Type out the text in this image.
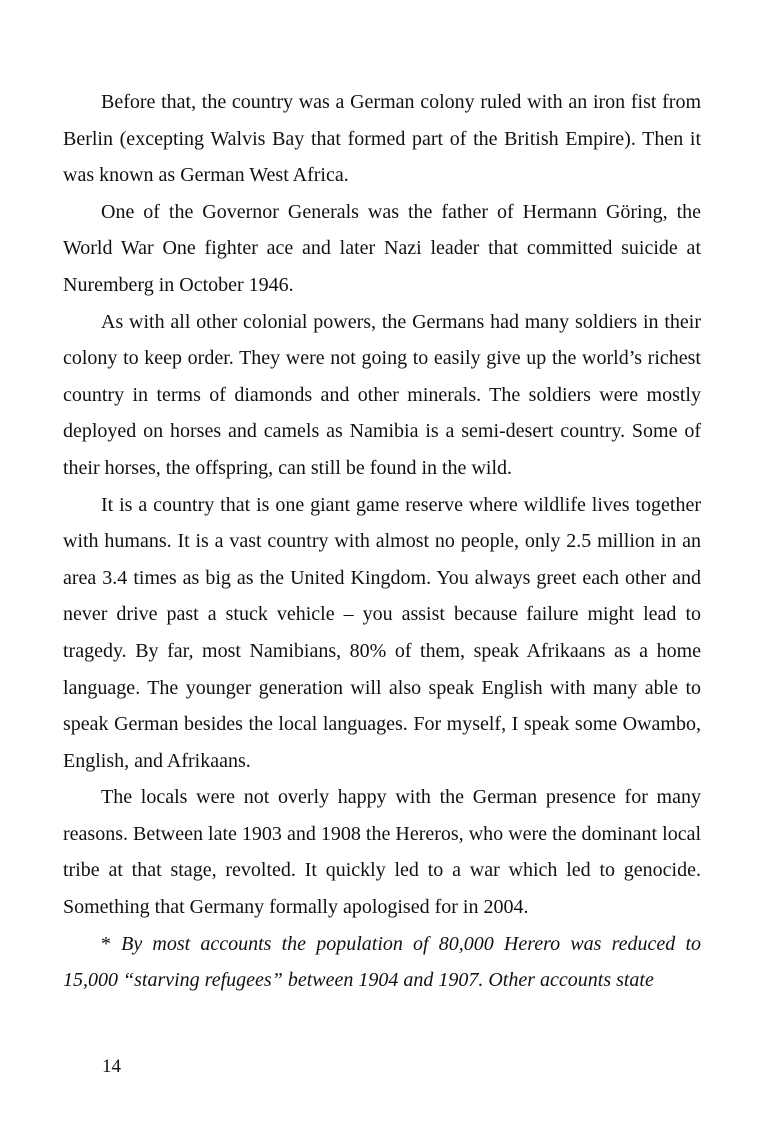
Before that, the country was a German colony ruled with an iron fist from Berlin (excepting Walvis Bay that formed part of the British Empire). Then it was known as German West Africa.

One of the Governor Generals was the father of Hermann Göring, the World War One fighter ace and later Nazi leader that committed suicide at Nuremberg in October 1946.

As with all other colonial powers, the Germans had many soldiers in their colony to keep order. They were not going to easily give up the world’s richest country in terms of diamonds and other minerals. The soldiers were mostly deployed on horses and camels as Namibia is a semi-desert country. Some of their horses, the offspring, can still be found in the wild.

It is a country that is one giant game reserve where wildlife lives together with humans. It is a vast country with almost no people, only 2.5 million in an area 3.4 times as big as the United Kingdom. You always greet each other and never drive past a stuck vehicle – you assist because failure might lead to tragedy. By far, most Namibians, 80% of them, speak Afrikaans as a home language. The younger generation will also speak English with many able to speak German besides the local languages. For myself, I speak some Owambo, English, and Afrikaans.

The locals were not overly happy with the German presence for many reasons. Between late 1903 and 1908 the Hereros, who were the dominant local tribe at that stage, revolted. It quickly led to a war which led to genocide. Something that Germany formally apologised for in 2004.

* By most accounts the population of 80,000 Herero was reduced to 15,000 “starving refugees” between 1904 and 1907. Other accounts state

14
